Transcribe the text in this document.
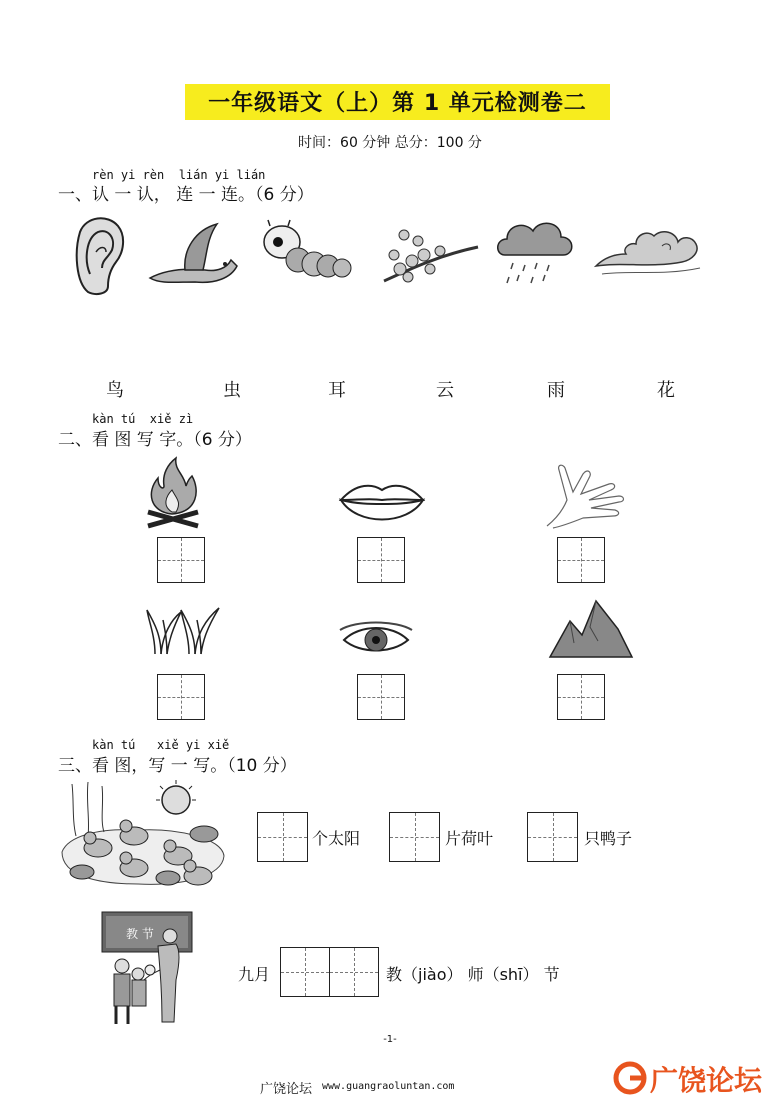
一年级语文（上）第 1 单元检测卷二
时间：60 分钟 总分：100 分
rèn yi rèn  lián yi lián
一、认 一 认， 连 一 连。（6 分）
鸟	虫	耳	云	雨	花
kàn tú  xiě zì
二、看 图 写 字。（6 分）
kàn tú   xiě yi xiě
三、看 图，写 一 写。（10 分）
个太阳	片荷叶	只鸭子
教 节
九月	教（jiào） 师（shī） 节
-1-
广饶论坛 www.guangraoluntan.com	广饶论坛
